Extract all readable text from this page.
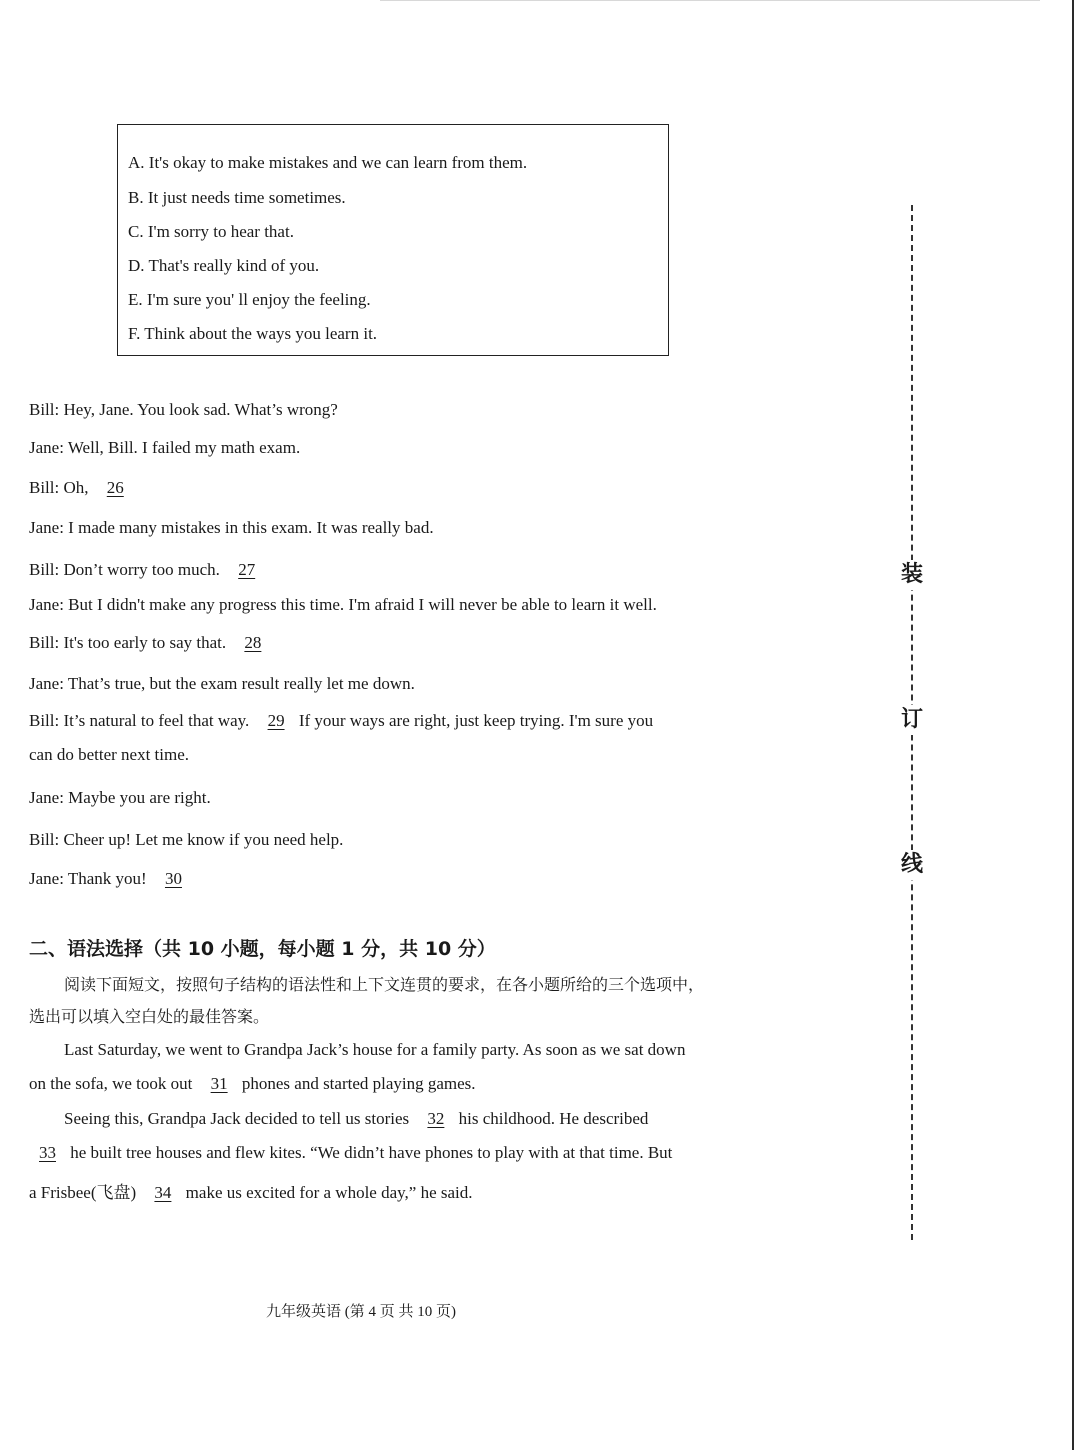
A. It's okay to make mistakes and we can learn from them.
B. It just needs time sometimes.
C. I'm sorry to hear that.
D. That's really kind of you.
E. I'm sure you' ll enjoy the feeling.
F. Think about the ways you learn it.
Bill: Hey, Jane. You look sad. What’s wrong?
Jane: Well, Bill. I failed my math exam.
Bill: Oh, 26
Jane: I made many mistakes in this exam. It was really bad.
Bill: Don’t worry too much. 27
Jane: But I didn't make any progress this time. I'm afraid I will never be able to learn it well.
Bill: It's too early to say that. 28
Jane: That’s true, but the exam result really let me down.
Bill: It’s natural to feel that way. 29 If your ways are right, just keep trying. I'm sure you
can do better next time.
Jane: Maybe you are right.
Bill: Cheer up! Let me know if you need help.
Jane: Thank you! 30
二、语法选择（共 10 小题，每小题 1 分，共 10 分）
阅读下面短文，按照句子结构的语法性和上下文连贯的要求，在各小题所给的三个选项中，
选出可以填入空白处的最佳答案。
Last Saturday, we went to Grandpa Jack’s house for a family party. As soon as we sat down
on the sofa, we took out 31 phones and started playing games.
Seeing this, Grandpa Jack decided to tell us stories 32 his childhood. He described
33 he built tree houses and flew kites. “We didn’t have phones to play with at that time. But
a Frisbee(飞盘) 34 make us excited for a whole day,” he said.
装
订
线
九年级英语 (第 4 页 共 10 页)
